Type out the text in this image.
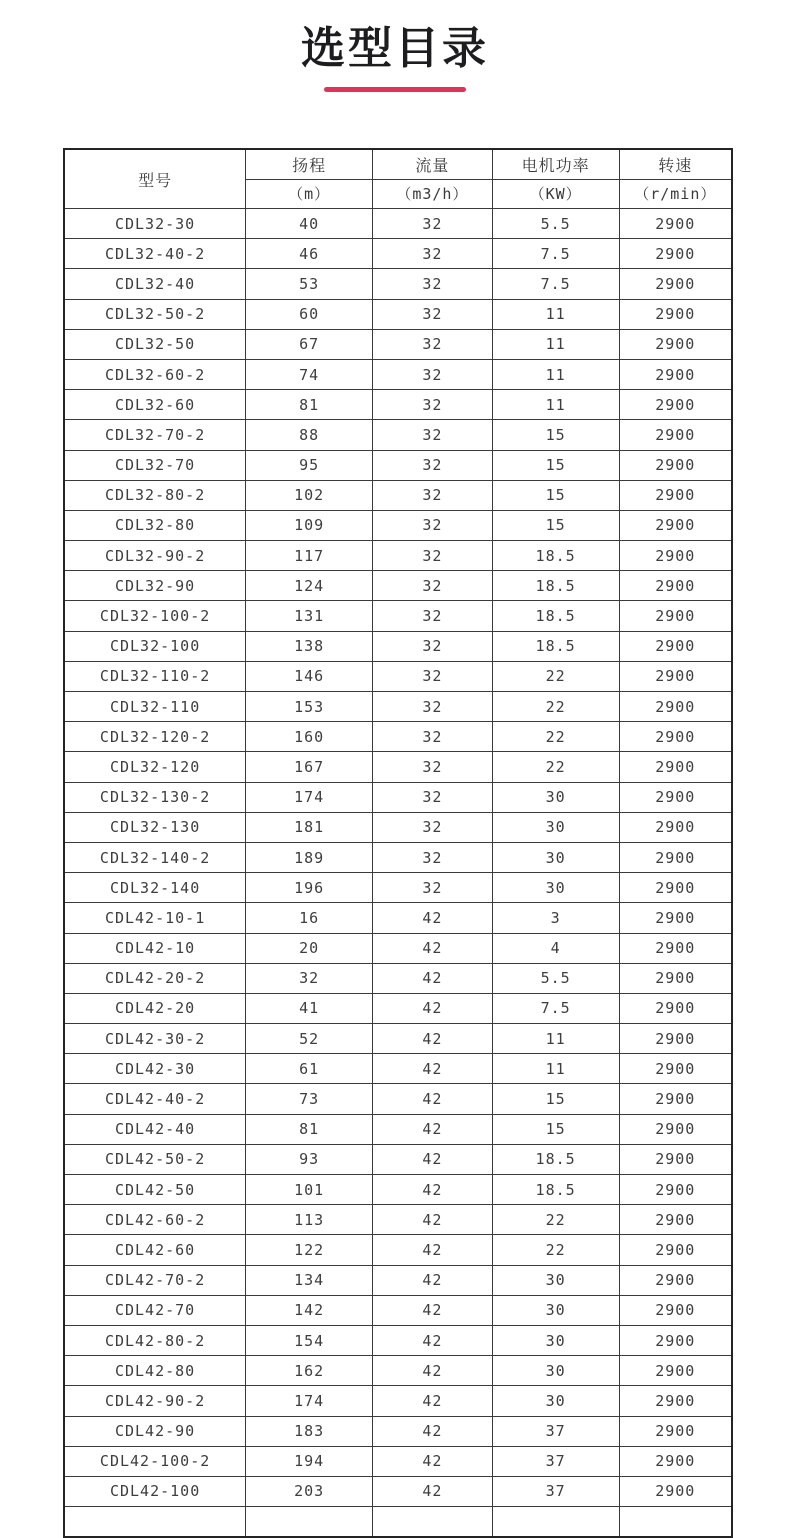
选型目录
型号	扬程	流量	电机功率	转速
	（m）	（m3/h）	（KW）	（r/min）
CDL32-30	40	32	5.5	2900
CDL32-40-2	46	32	7.5	2900
CDL32-40	53	32	7.5	2900
CDL32-50-2	60	32	11	2900
CDL32-50	67	32	11	2900
CDL32-60-2	74	32	11	2900
CDL32-60	81	32	11	2900
CDL32-70-2	88	32	15	2900
CDL32-70	95	32	15	2900
CDL32-80-2	102	32	15	2900
CDL32-80	109	32	15	2900
CDL32-90-2	117	32	18.5	2900
CDL32-90	124	32	18.5	2900
CDL32-100-2	131	32	18.5	2900
CDL32-100	138	32	18.5	2900
CDL32-110-2	146	32	22	2900
CDL32-110	153	32	22	2900
CDL32-120-2	160	32	22	2900
CDL32-120	167	32	22	2900
CDL32-130-2	174	32	30	2900
CDL32-130	181	32	30	2900
CDL32-140-2	189	32	30	2900
CDL32-140	196	32	30	2900
CDL42-10-1	16	42	3	2900
CDL42-10	20	42	4	2900
CDL42-20-2	32	42	5.5	2900
CDL42-20	41	42	7.5	2900
CDL42-30-2	52	42	11	2900
CDL42-30	61	42	11	2900
CDL42-40-2	73	42	15	2900
CDL42-40	81	42	15	2900
CDL42-50-2	93	42	18.5	2900
CDL42-50	101	42	18.5	2900
CDL42-60-2	113	42	22	2900
CDL42-60	122	42	22	2900
CDL42-70-2	134	42	30	2900
CDL42-70	142	42	30	2900
CDL42-80-2	154	42	30	2900
CDL42-80	162	42	30	2900
CDL42-90-2	174	42	30	2900
CDL42-90	183	42	37	2900
CDL42-100-2	194	42	37	2900
CDL42-100	203	42	37	2900
